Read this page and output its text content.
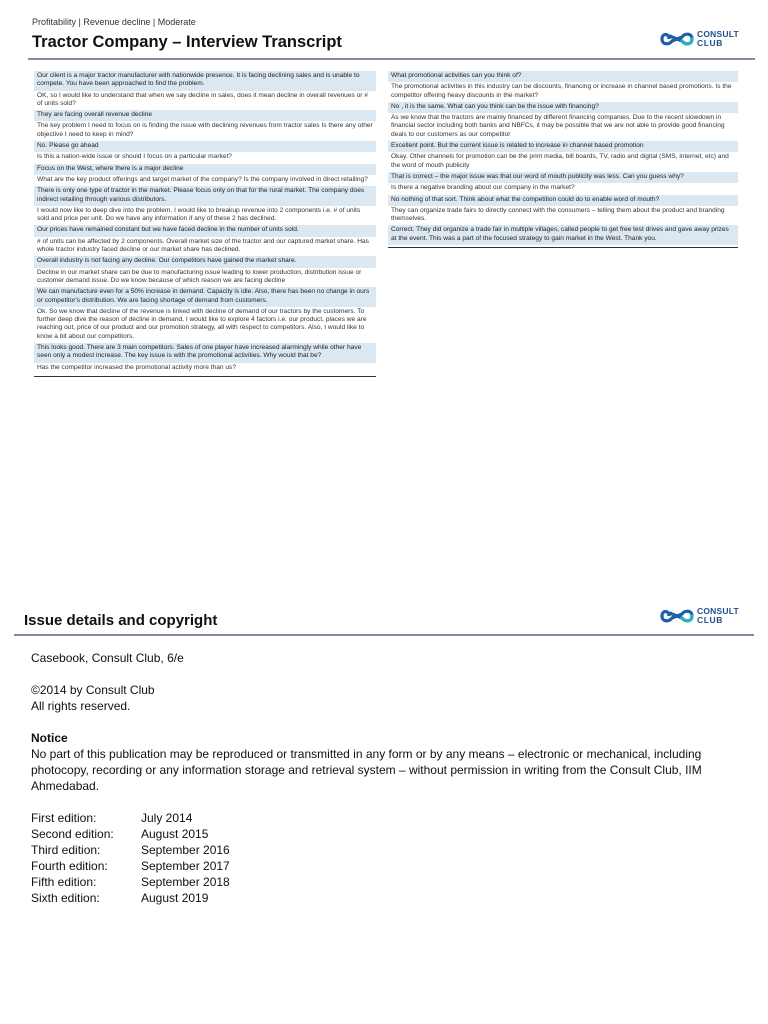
Profitability | Revenue decline | Moderate
Tractor Company – Interview Transcript	CONSULT
CLUB
Our client is a major tractor manufacturer with nationwide presence. It is facing declining sales and is unable to compete. You have been approached to find the problem.
OK, so I would like to understand that when we say decline in sales, does it mean decline in overall revenues or # of units sold?
They are facing overall revenue decline
The key problem I need to focus on is finding the issue with declining revenues from tractor sales Is there any other objective I need to keep in mind?
No. Please go ahead
Is this a nation-wide issue or should I focus on a particular market?
Focus on the West, where there is a major decline
What are the key product offerings and target market of the company? Is the company involved in direct retailing?
There is only one type of tractor in the market. Please focus only on that for the rural market. The company does indirect retailing through various distributors.
I would now like to deep dive into the problem. I would like to breakup revenue into 2 components i.e. # of units sold and price per unit. Do we have any information if any of these 2 has declined.
Our prices have remained constant but we have faced decline in the number of units sold.
# of units can be affected by 2 components. Overall market size of the tractor and our captured market share. Has whole tractor industry faced decline or our market share has declined.
Overall industry is not facing any decline. Our competitors have gained the market share.
Decline in our market share can be due to manufacturing issue leading to lower production, distribution issue or customer demand issue. Do we know because of which reason we are facing decline
We can manufacture even for a 50% increase in demand. Capacity is idle. Also, there has been no change in ours or competitor's distribution. We are facing shortage of demand from customers.
Ok. So we know that decline of the revenue is linked with decline of demand of our tractors by the customers. To further deep dive the reason of decline in demand, I would like to explore 4 factors i.e. our product, places we are reaching out, price of our product and our promotion strategy, all with respect to competitors. Also, I would like to know a bit about our competitors.
This looks good. There are 3 main competitors. Sales of one player have increased alarmingly while other have seen only a modest increase. The key issue is with the promotional activities. Why would that be?
Has the competitor increased the promotional activity more than us?
What promotional activities can you think of?
The promotional activities in this industry can be discounts, financing or increase in channel based promotions. Is the competitor offering heavy discounts in the market?
No , it is the same. What can you think can be the issue with financing?
As we know that the tractors are mainly financed by different financing companies. Due to the recent slowdown in financial sector including both banks and NBFCs, it may be possible that we are not able to provide good financing deals to our customers as our competitor
Excellent point. But the current issue is related to increase in channel based promotion
Okay. Other channels for promotion can be the print media, bill boards, TV, radio and digital (SMS, internet, etc) and the word of mouth publicity
That is correct – the major issue was that our word of mouth publicity was less. Can you guess why?
Is there a negative branding about our company in the market?
No nothing of that sort. Think about what the competition could do to enable word of mouth?
They can organize trade fairs to directly connect with the consumers – telling them about the product and branding themselves.
Correct. They did organize a trade fair in multiple villages, called people to get free test drives and gave away prizes at the event. This was a part of the focused strategy to gain market in the West. Thank you.
Issue details and copyright
CONSULT
CLUB

Casebook, Consult Club, 6/e

©2014 by Consult Club

All rights reserved.

Notice

No part of this publication may be reproduced or transmitted in any form or by any means – electronic or mechanical, including photocopy, recording or any information storage and retrieval system – without permission in writing from the Consult Club, IIM Ahmedabad.

First edition:	July 2014
Second edition:	August 2015
Third edition:	September 2016
Fourth edition:	September 2017
Fifth edition:	September 2018
Sixth edition:	August 2019
